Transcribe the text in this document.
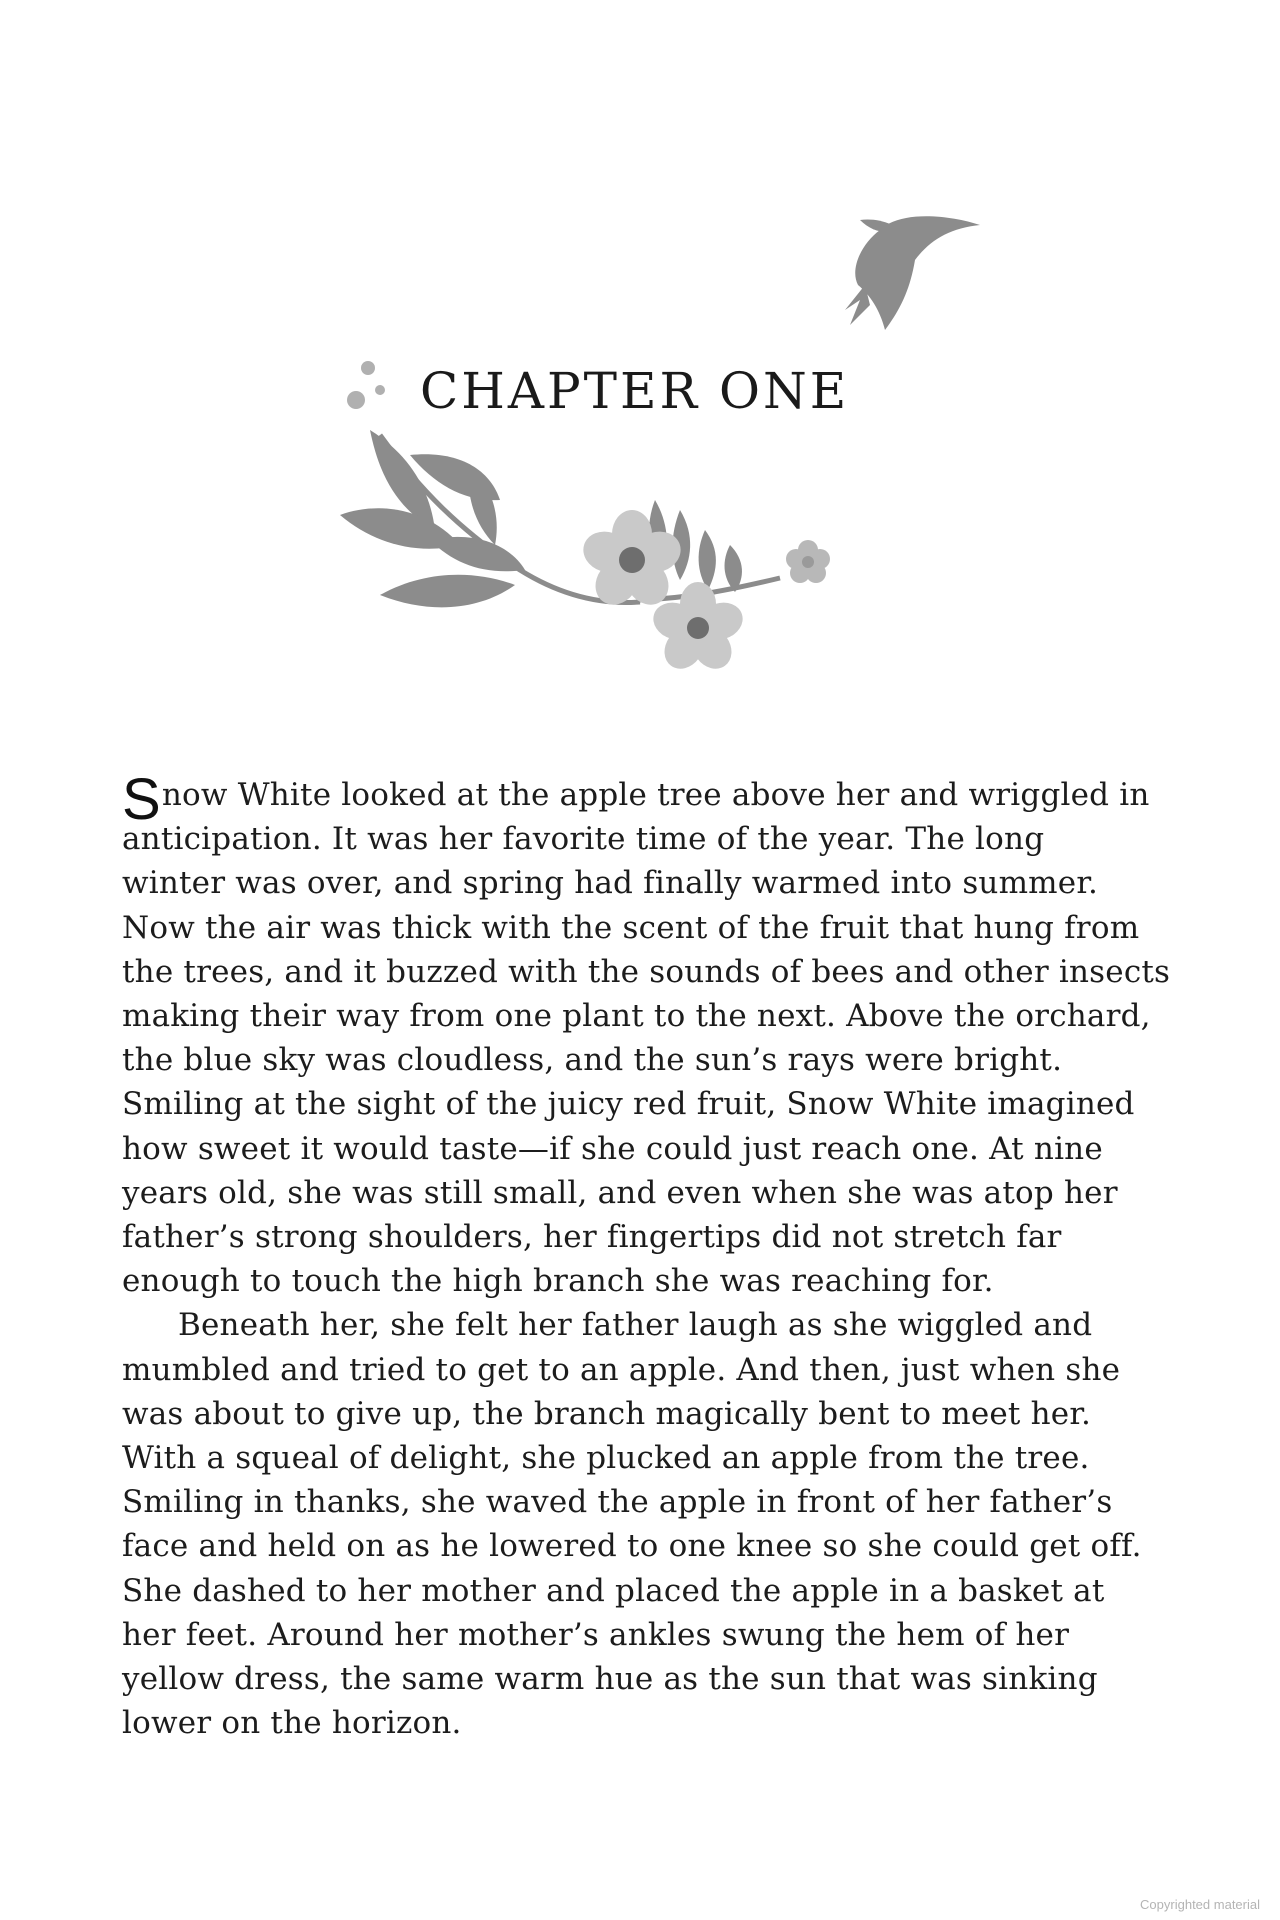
CHAPTER ONE

Snow White looked at the apple tree above her and wriggled in
anticipation. It was her favorite time of the year. The long
winter was over, and spring had finally warmed into summer.
Now the air was thick with the scent of the fruit that hung from
the trees, and it buzzed with the sounds of bees and other insects
making their way from one plant to the next. Above the orchard,
the blue sky was cloudless, and the sun’s rays were bright.
Smiling at the sight of the juicy red fruit, Snow White imagined
how sweet it would taste—if she could just reach one. At nine
years old, she was still small, and even when she was atop her
father’s strong shoulders, her fingertips did not stretch far
enough to touch the high branch she was reaching for.

Beneath her, she felt her father laugh as she wiggled and
mumbled and tried to get to an apple. And then, just when she
was about to give up, the branch magically bent to meet her.
With a squeal of delight, she plucked an apple from the tree.
Smiling in thanks, she waved the apple in front of her father’s
face and held on as he lowered to one knee so she could get off.
She dashed to her mother and placed the apple in a basket at
her feet. Around her mother’s ankles swung the hem of her
yellow dress, the same warm hue as the sun that was sinking
lower on the horizon.

Copyrighted material
